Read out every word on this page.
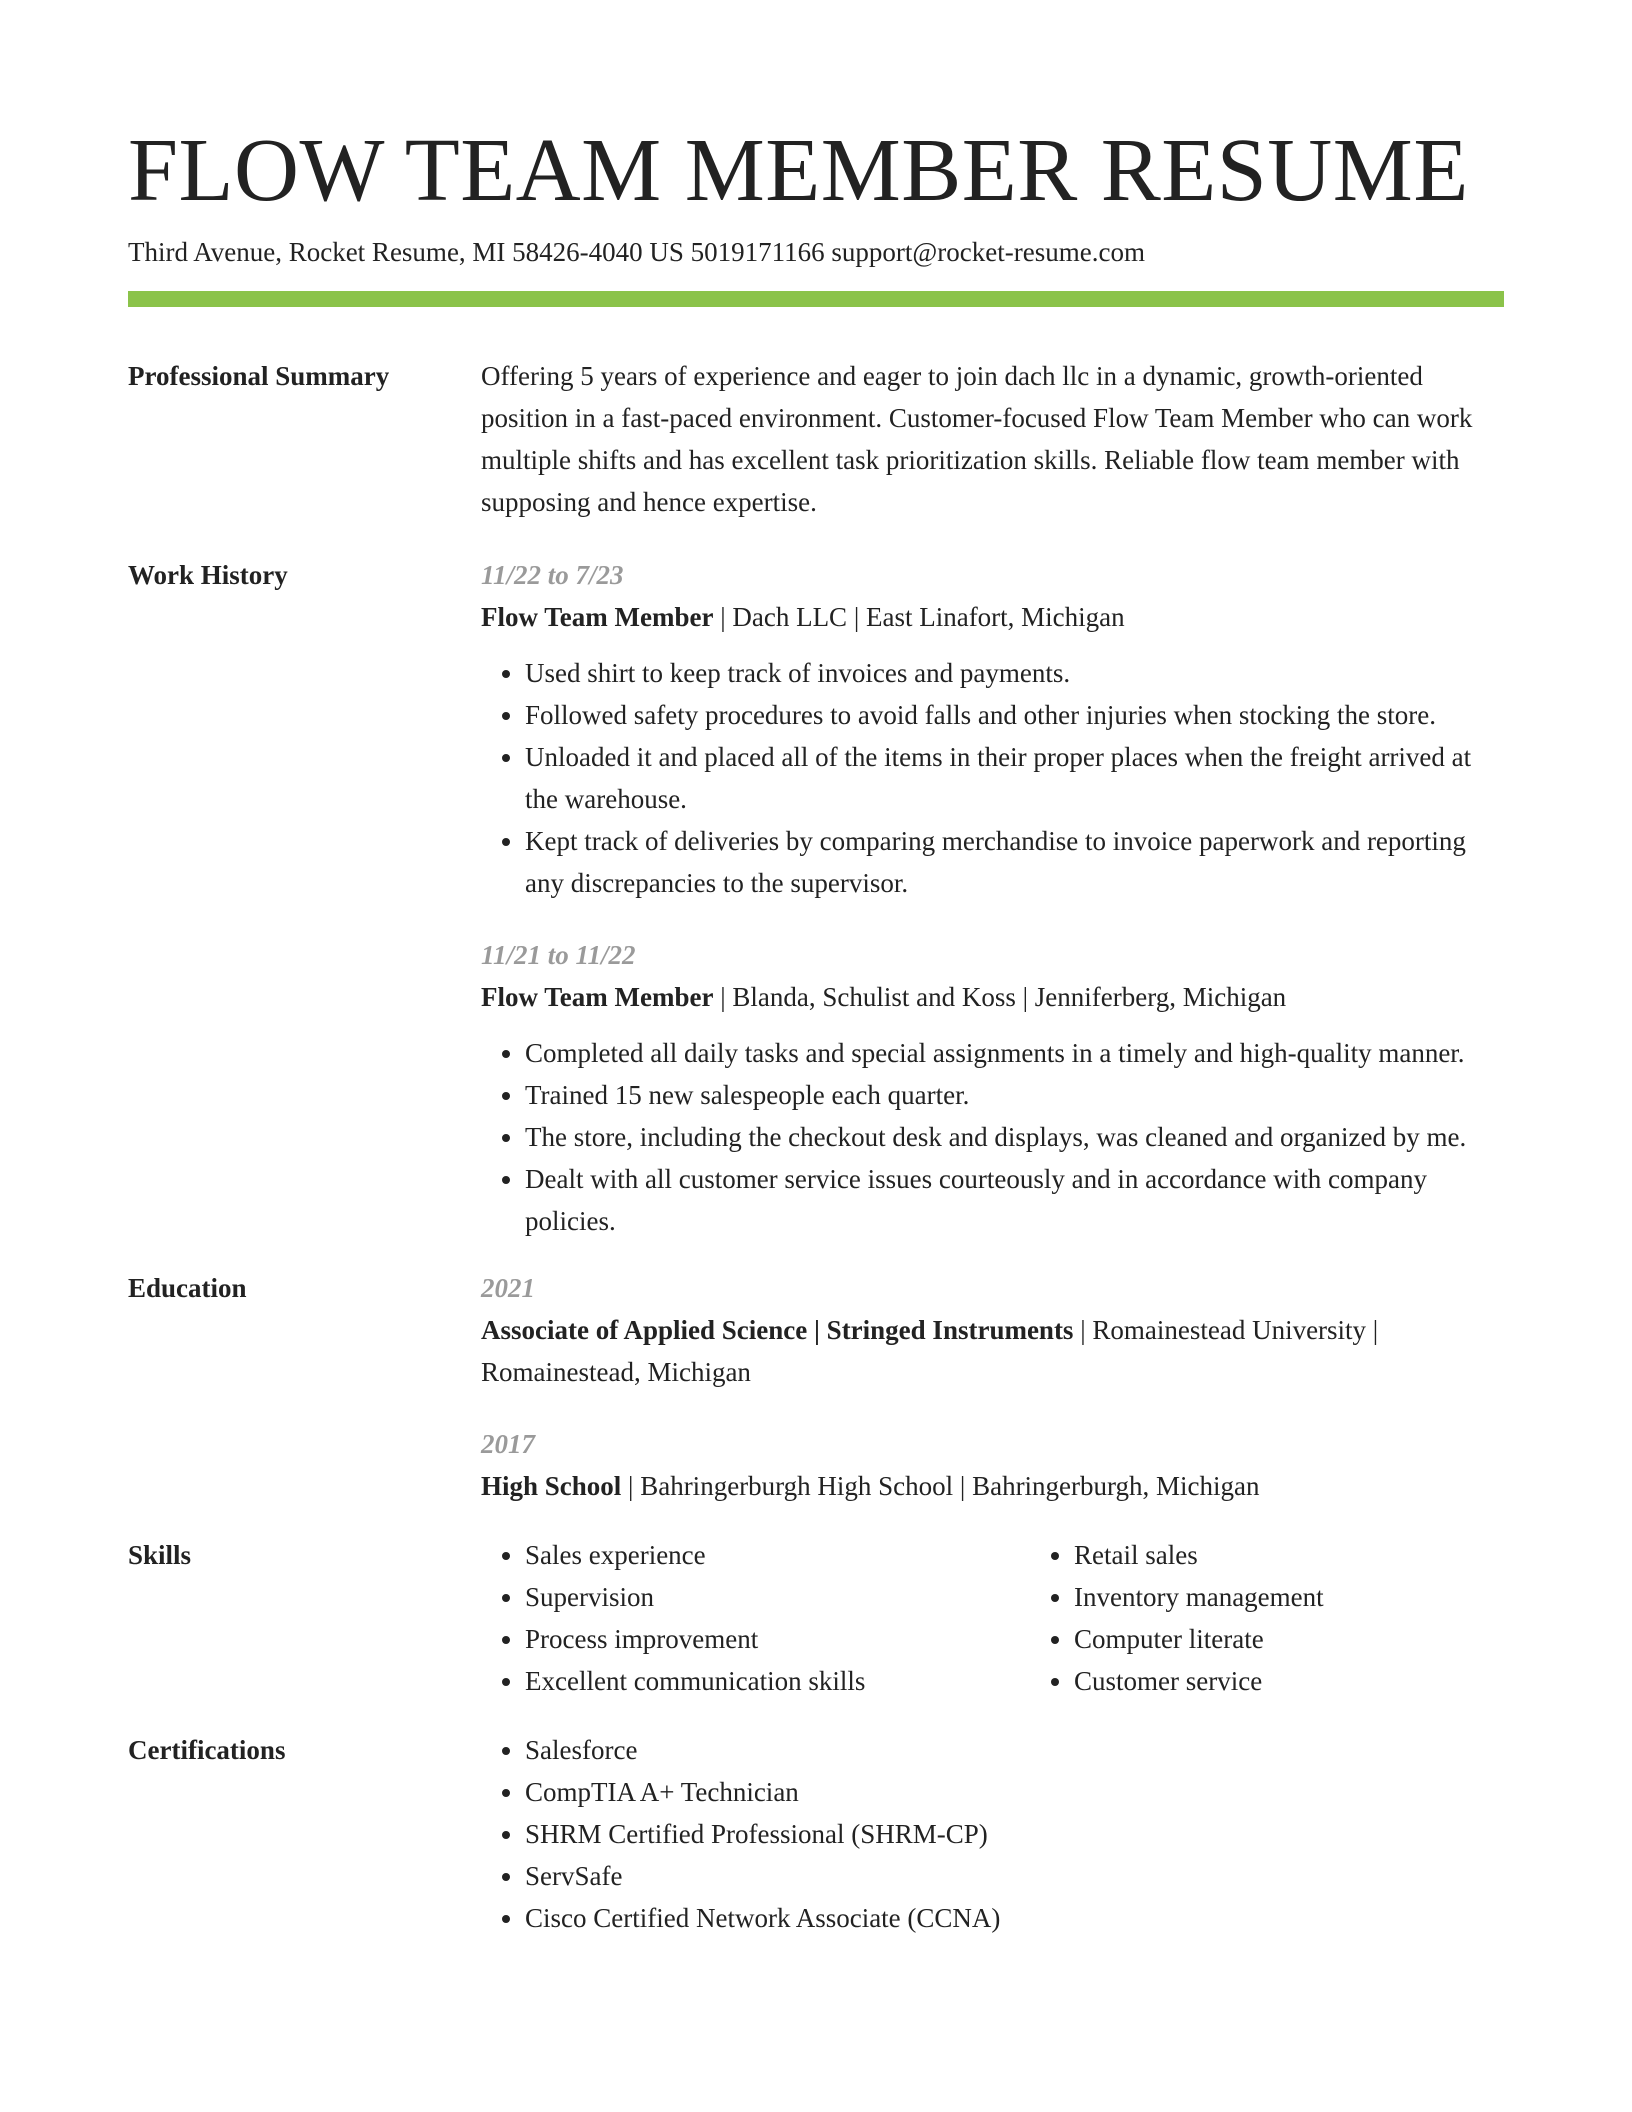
FLOW TEAM MEMBER RESUME
Third Avenue, Rocket Resume, MI 58426-4040 US 5019171166 support@rocket-resume.com
Professional Summary	Offering 5 years of experience and eager to join dach llc in a dynamic, growth-oriented position in a fast-paced environment. Customer-focused Flow Team Member who can work multiple shifts and has excellent task prioritization skills. Reliable flow team member with supposing and hence expertise.
Work History	11/22 to 7/23
Flow Team Member | Dach LLC | East Linafort, Michigan
• Used shirt to keep track of invoices and payments.
• Followed safety procedures to avoid falls and other injuries when stocking the store.
• Unloaded it and placed all of the items in their proper places when the freight arrived at the warehouse.
• Kept track of deliveries by comparing merchandise to invoice paperwork and reporting any discrepancies to the supervisor.
11/21 to 11/22
Flow Team Member | Blanda, Schulist and Koss | Jenniferberg, Michigan
• Completed all daily tasks and special assignments in a timely and high-quality manner.
• Trained 15 new salespeople each quarter.
• The store, including the checkout desk and displays, was cleaned and organized by me.
• Dealt with all customer service issues courteously and in accordance with company policies.
Education	2021
Associate of Applied Science | Stringed Instruments | Romainestead University | Romainestead, Michigan
2017
High School | Bahringerburgh High School | Bahringerburgh, Michigan
Skills	• Sales experience
• Supervision
• Process improvement
• Excellent communication skills
• Retail sales
• Inventory management
• Computer literate
• Customer service
Certifications	• Salesforce
• CompTIA A+ Technician
• SHRM Certified Professional (SHRM-CP)
• ServSafe
• Cisco Certified Network Associate (CCNA)
